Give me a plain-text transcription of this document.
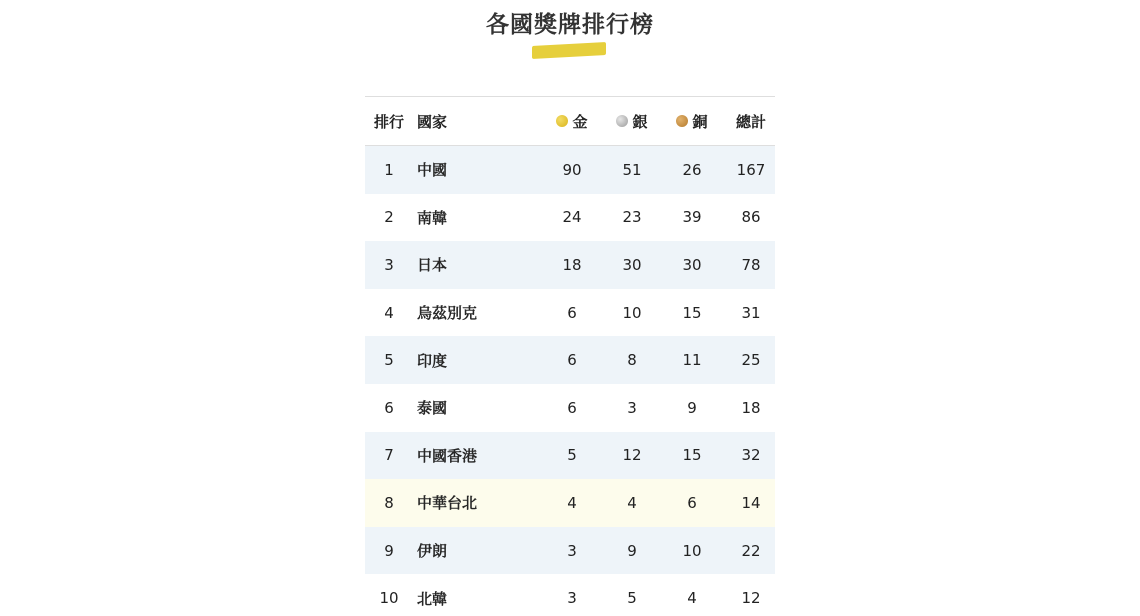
各國獎牌排行榜
排行 國家	金	銀	銅	總計
1	中國	90	51	26	167
2	南韓	24	23	39	86
3	日本	18	30	30	78
4	烏茲別克	6	10	15	31
5	印度	6	8	11	25
6	泰國	6	3	9	18
7	中國香港	5	12	15	32
8	中華台北	4	4	6	14
9	伊朗	3	9	10	22
10	北韓	3	5	4	12
